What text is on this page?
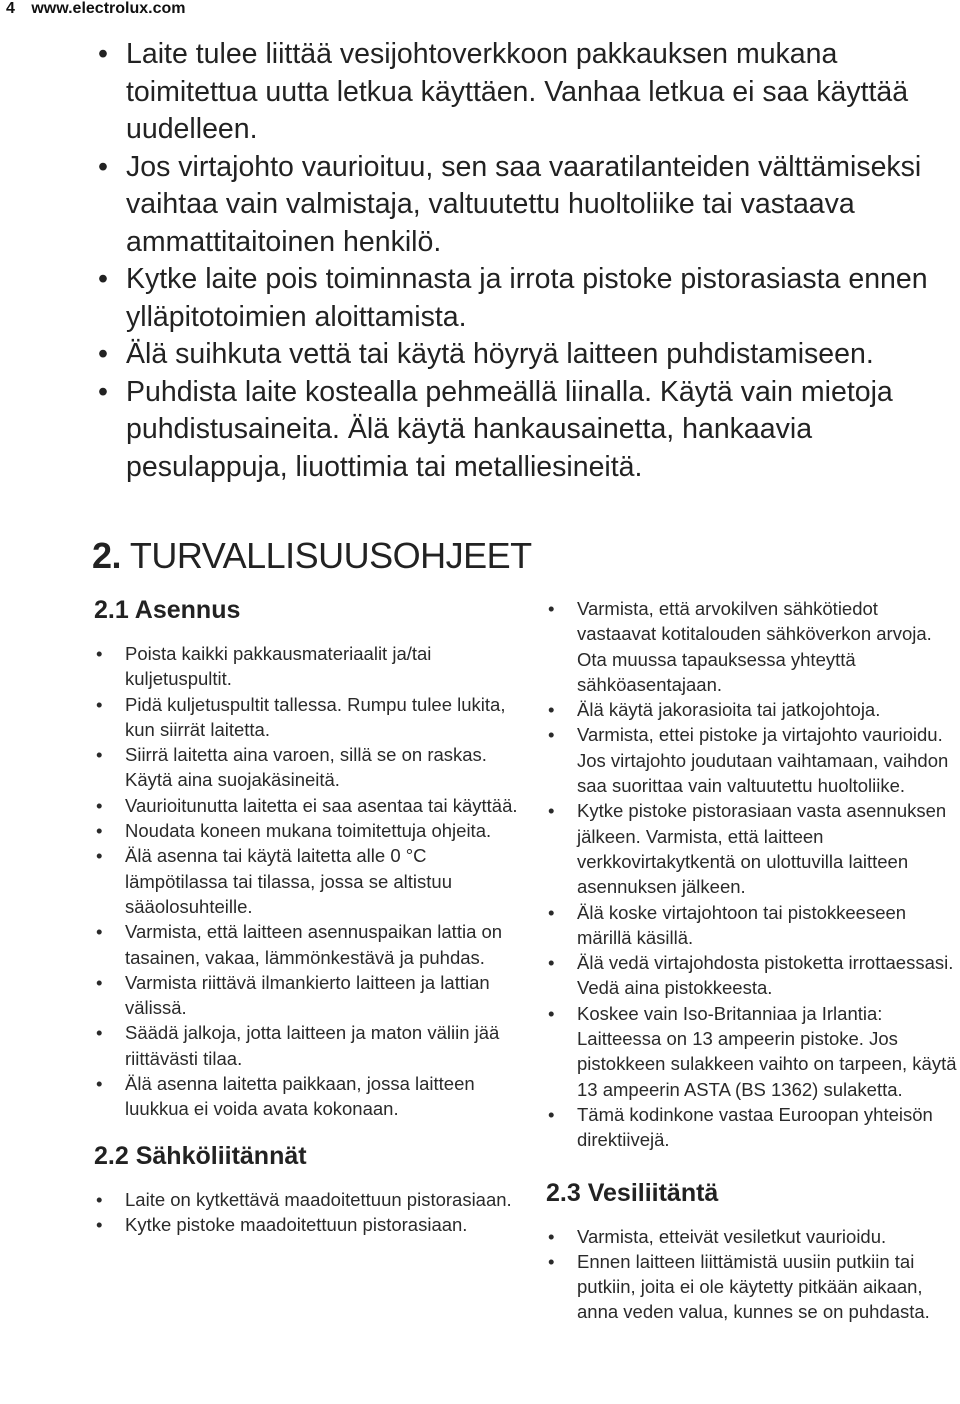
4 www.electrolux.com
• Laite tulee liittää vesijohtoverkkoon pakkauksen mukana toimitettua uutta letkua käyttäen. Vanhaa letkua ei saa käyttää uudelleen.
• Jos virtajohto vaurioituu, sen saa vaaratilanteiden välttämiseksi vaihtaa vain valmistaja, valtuutettu huoltoliike tai vastaava ammattitaitoinen henkilö.
• Kytke laite pois toiminnasta ja irrota pistoke pistorasiasta ennen ylläpitotoimien aloittamista.
• Älä suihkuta vettä tai käytä höyryä laitteen puhdistamiseen.
• Puhdista laite kostealla pehmeällä liinalla. Käytä vain mietoja puhdistusaineita. Älä käytä hankausainetta, hankaavia pesulappuja, liuottimia tai metalliesineitä.
2. TURVALLISUUSOHJEET
2.1 Asennus
• Poista kaikki pakkausmateriaalit ja/tai kuljetuspultit.
• Pidä kuljetuspultit tallessa. Rumpu tulee lukita, kun siirrät laitetta.
• Siirrä laitetta aina varoen, sillä se on raskas. Käytä aina suojakäsineitä.
• Vaurioitunutta laitetta ei saa asentaa tai käyttää.
• Noudata koneen mukana toimitettuja ohjeita.
• Älä asenna tai käytä laitetta alle 0 °C lämpötilassa tai tilassa, jossa se altistuu sääolosuhteille.
• Varmista, että laitteen asennuspaikan lattia on tasainen, vakaa, lämmönkestävä ja puhdas.
• Varmista riittävä ilmankierto laitteen ja lattian välissä.
• Säädä jalkoja, jotta laitteen ja maton väliin jää riittävästi tilaa.
• Älä asenna laitetta paikkaan, jossa laitteen luukkua ei voida avata kokonaan.
2.2 Sähköliitännät
• Laite on kytkettävä maadoitettuun pistorasiaan.
• Kytke pistoke maadoitettuun pistorasiaan.
• Varmista, että arvokilven sähkötiedot vastaavat kotitalouden sähköverkon arvoja. Ota muussa tapauksessa yhteyttä sähköasentajaan.
• Älä käytä jakorasioita tai jatkojohtoja.
• Varmista, ettei pistoke ja virtajohto vaurioidu. Jos virtajohto joudutaan vaihtamaan, vaihdon saa suorittaa vain valtuutettu huoltoliike.
• Kytke pistoke pistorasiaan vasta asennuksen jälkeen. Varmista, että laitteen verkkovirtakytkentä on ulottuvilla laitteen asennuksen jälkeen.
• Älä koske virtajohtoon tai pistokkeeseen märillä käsillä.
• Älä vedä virtajohdosta pistoketta irrottaessasi. Vedä aina pistokkeesta.
• Koskee vain Iso-Britanniaa ja Irlantia: Laitteessa on 13 ampeerin pistoke. Jos pistokkeen sulakkeen vaihto on tarpeen, käytä 13 ampeerin ASTA (BS 1362) sulaketta.
• Tämä kodinkone vastaa Euroopan yhteisön direktiivejä.
2.3 Vesiliitäntä
• Varmista, etteivät vesiletkut vaurioidu.
• Ennen laitteen liittämistä uusiin putkiin tai putkiin, joita ei ole käytetty pitkään aikaan, anna veden valua, kunnes se on puhdasta.
